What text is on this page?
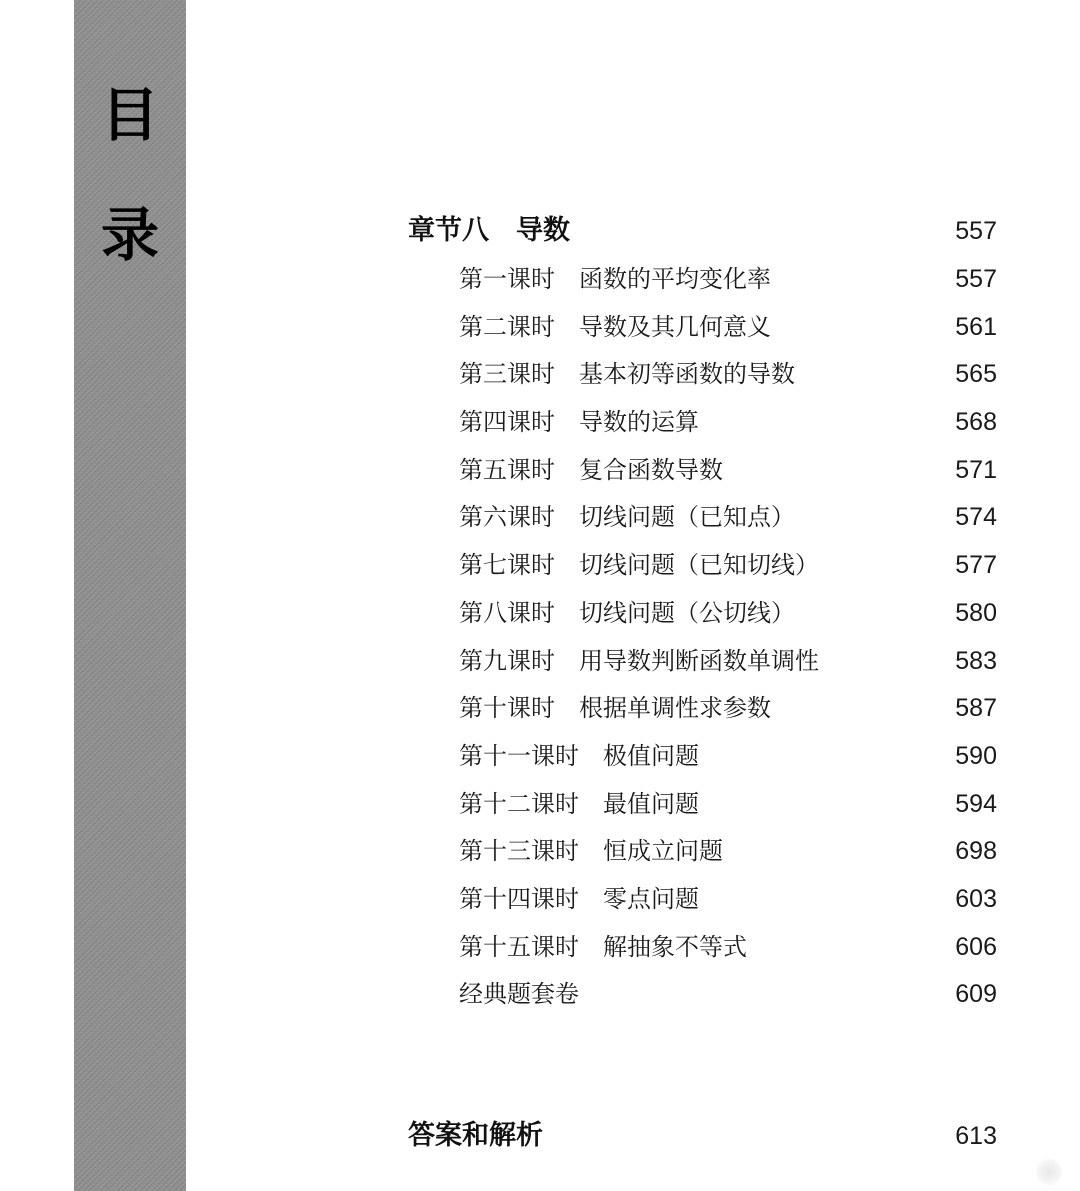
目
录
CONTENT
章节八　导数	557
第一课时　函数的平均变化率	557
第二课时　导数及其几何意义	561
第三课时　基本初等函数的导数	565
第四课时　导数的运算	568
第五课时　复合函数导数	571
第六课时　切线问题（已知点）	574
第七课时　切线问题（已知切线）	577
第八课时　切线问题（公切线）	580
第九课时　用导数判断函数单调性	583
第十课时　根据单调性求参数	587
第十一课时　极值问题	590
第十二课时　最值问题	594
第十三课时　恒成立问题	698
第十四课时　零点问题	603
第十五课时　解抽象不等式	606
经典题套卷	609
答案和解析	613
